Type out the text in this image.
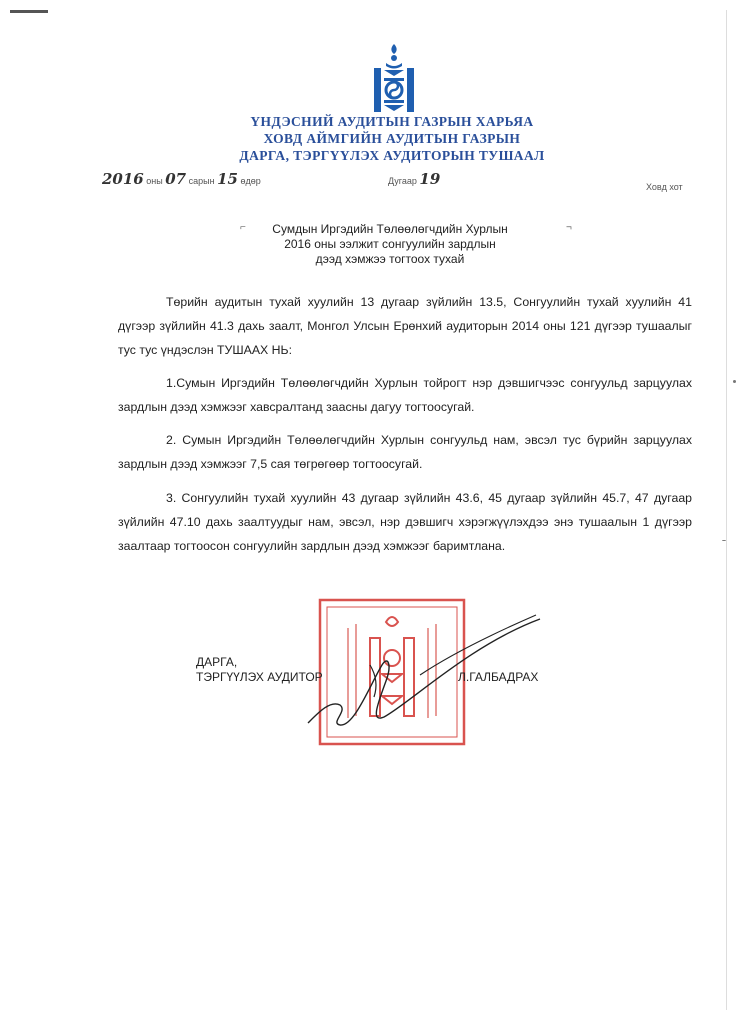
ҮНДЭСНИЙ АУДИТЫН ГАЗРЫН ХАРЬЯА
ХОВД АЙМГИЙН АУДИТЫН ГАЗРЫН
ДАРГА, ТЭРГҮҮЛЭХ АУДИТОРЫН ТУШААЛ
2016 оны 07 сарын 15 өдөр	Дугаар 19	Ховд хот
⌐	¬
Сумдын Иргэдийн Төлөөлөгчдийн Хурлын
2016 оны ээлжит сонгуулийн зардлын
дээд хэмжээ тогтоох тухай

Төрийн аудитын тухай хуулийн 13 дугаар зүйлийн 13.5, Сонгуулийн тухай хуулийн 41 дүгээр зүйлийн 41.3 дахь заалт, Монгол Улсын Ерөнхий аудиторын 2014 оны 121 дүгээр тушаалыг тус тус үндэслэн ТУШААХ НЬ:

1.Сумын Иргэдийн Төлөөлөгчдийн Хурлын тойрогт нэр дэвшигчээс сонгуульд зарцуулах зардлын дээд хэмжээг хавсралтанд заасны дагуу тогтоосугай.

2. Сумын Иргэдийн Төлөөлөгчдийн Хурлын сонгуульд нам, эвсэл тус бүрийн зарцуулах зардлын дээд хэмжээг 7,5 сая төгрөгөөр тогтоосугай.

3. Сонгуулийн тухай хуулийн 43 дугаар зүйлийн 43.6, 45 дугаар зүйлийн 45.7, 47 дугаар зүйлийн 47.10 дахь заалтуудыг нам, эвсэл, нэр дэвшигч хэрэгжүүлэхдээ энэ тушаалын 1 дүгээр заалтаар тогтоосон сонгуулийн зардлын дээд хэмжээг баримтлана.

ДАРГА,
ТЭРГҮҮЛЭХ АУДИТОР	Л.ГАЛБАДРАХ
